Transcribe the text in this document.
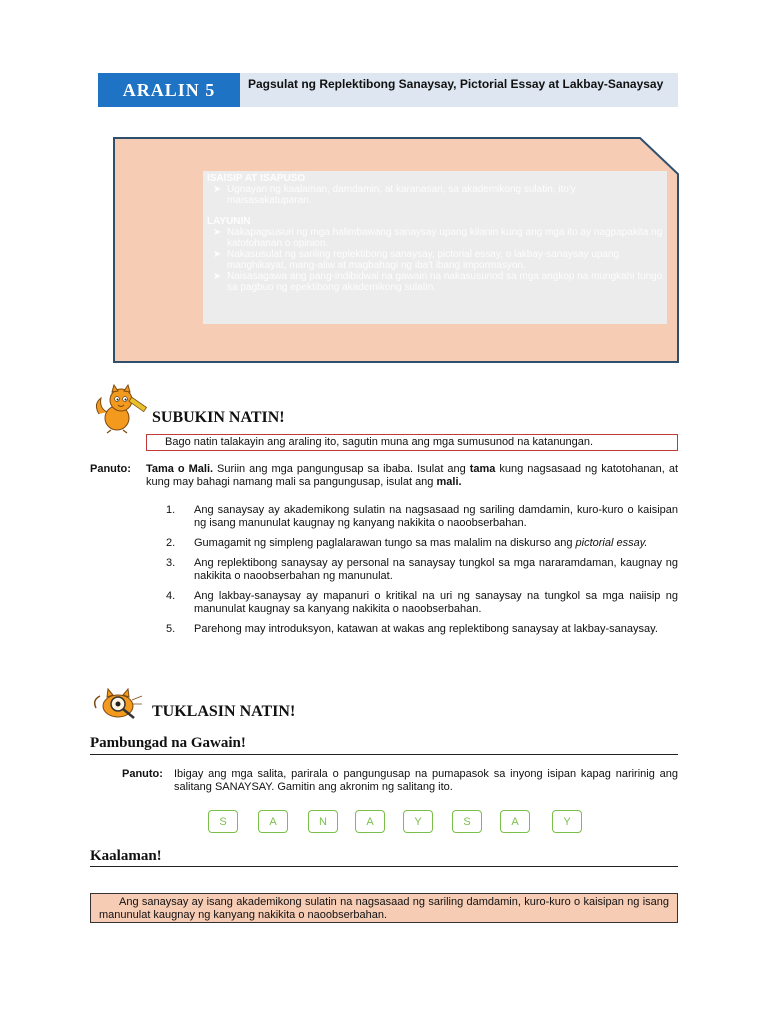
ARALIN 5	Pagsulat ng Replektibong Sanaysay, Pictorial Essay at Lakbay-Sanaysay
ISAISIP AT ISAPUSO
➤ Ugnayan ng kaalaman, damdamin, at karanasan, sa akademikong sulatin, ito'y maisasakatuparan.
LAYUNIN
➤ Nakapagsusuri ng mga halimbawang sanaysay upang kilanin kung ang mga ito ay nagpapakita ng katotohanan o opinion.
➤ Nakasusulat ng sariling replektibong sanaysay, pictorial essay, o lakbay-sanaysay upang manghikayat, mang-aliw at magbahagi ng iba't ibang impormasyon.
➤ Naisasagawa ang pang-indibidwal na gawain na nakasusunod sa mga angkop na mungkahi tungo sa pagbuo ng epektibong akademikong sulatin.
SUBUKIN NATIN!
Bago natin talakayin ang araling ito, sagutin muna ang mga sumusunod na katanungan.
Panuto:	Tama o Mali. Suriin ang mga pangungusap sa ibaba. Isulat ang tama kung nagsasaad ng katotohanan, at kung may bahagi namang mali sa pangungusap, isulat ang mali.
1.	Ang sanaysay ay akademikong sulatin na nagsasaad ng sariling damdamin, kuro-kuro o kaisipan ng isang manunulat kaugnay ng kanyang nakikita o naoobserbahan.
2.	Gumagamit ng simpleng paglalarawan tungo sa mas malalim na diskurso ang pictorial essay.
3.	Ang replektibong sanaysay ay personal na sanaysay tungkol sa mga nararamdaman, kaugnay ng nakikita o naoobserbahan ng manunulat.
4.	Ang lakbay-sanaysay ay mapanuri o kritikal na uri ng sanaysay na tungkol sa mga naiisip ng manunulat kaugnay sa kanyang nakikita o naoobserbahan.
5.	Parehong may introduksyon, katawan at wakas ang replektibong sanaysay at lakbay-sanaysay.
TUKLASIN NATIN!
Pambungad na Gawain!
Panuto:	Ibigay ang mga salita, parirala o pangungusap na pumapasok sa inyong isipan kapag naririnig ang salitang SANAYSAY. Gamitin ang akronim ng salitang ito.
S	A	N	A	Y	S	A	Y
Kaalaman!
Ang sanaysay ay isang akademikong sulatin na nagsasaad ng sariling damdamin, kuro-kuro o kaisipan ng isang manunulat kaugnay ng kanyang nakikita o naoobserbahan.
